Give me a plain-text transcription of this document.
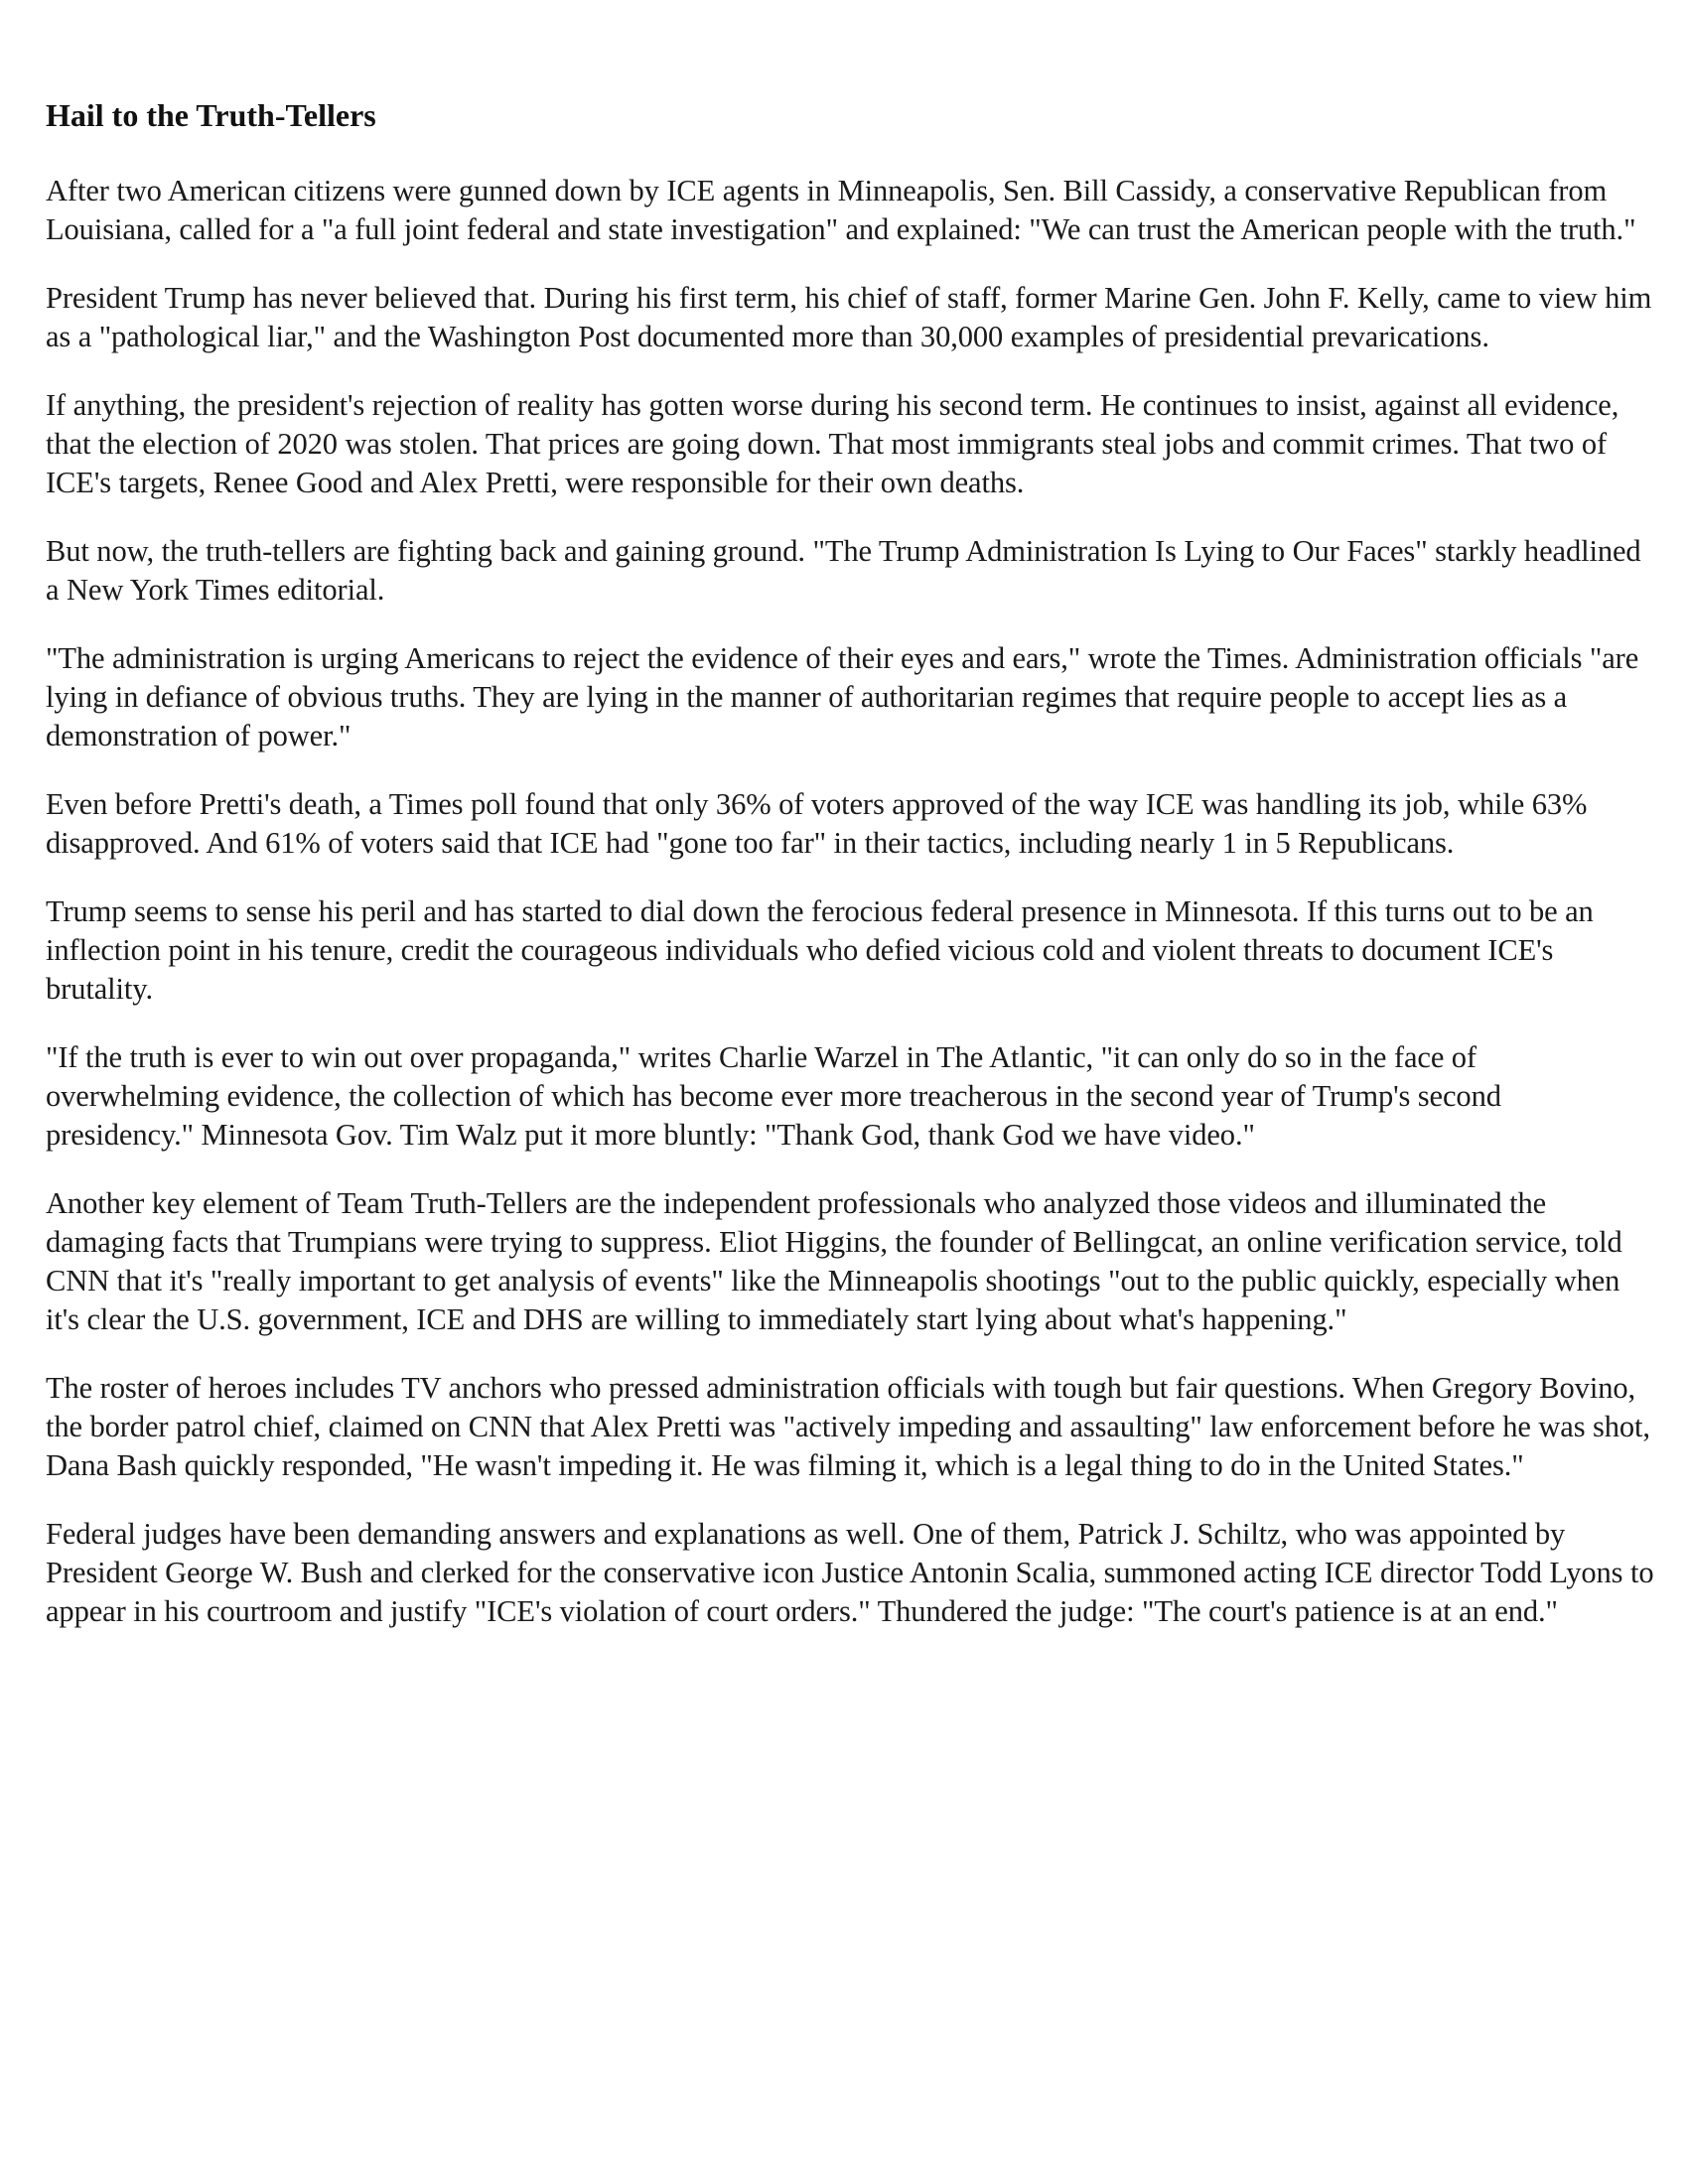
Hail to the Truth-Tellers

After two American citizens were gunned down by ICE agents in Minneapolis, Sen. Bill Cassidy, a conservative Republican from Louisiana, called for a "a full joint federal and state investigation" and explained: "We can trust the American people with the truth."

President Trump has never believed that. During his first term, his chief of staff, former Marine Gen. John F. Kelly, came to view him as a "pathological liar," and the Washington Post documented more than 30,000 examples of presidential prevarications.

If anything, the president's rejection of reality has gotten worse during his second term. He continues to insist, against all evidence, that the election of 2020 was stolen. That prices are going down. That most immigrants steal jobs and commit crimes. That two of ICE's targets, Renee Good and Alex Pretti, were responsible for their own deaths.

But now, the truth-tellers are fighting back and gaining ground. "The Trump Administration Is Lying to Our Faces" starkly headlined a New York Times editorial.

"The administration is urging Americans to reject the evidence of their eyes and ears," wrote the Times. Administration officials "are lying in defiance of obvious truths. They are lying in the manner of authoritarian regimes that require people to accept lies as a demonstration of power."

Even before Pretti's death, a Times poll found that only 36% of voters approved of the way ICE was handling its job, while 63% disapproved. And 61% of voters said that ICE had "gone too far" in their tactics, including nearly 1 in 5 Republicans.

Trump seems to sense his peril and has started to dial down the ferocious federal presence in Minnesota. If this turns out to be an inflection point in his tenure, credit the courageous individuals who defied vicious cold and violent threats to document ICE's brutality.

"If the truth is ever to win out over propaganda," writes Charlie Warzel in The Atlantic, "it can only do so in the face of overwhelming evidence, the collection of which has become ever more treacherous in the second year of Trump's second presidency." Minnesota Gov. Tim Walz put it more bluntly: "Thank God, thank God we have video."

Another key element of Team Truth-Tellers are the independent professionals who analyzed those videos and illuminated the damaging facts that Trumpians were trying to suppress. Eliot Higgins, the founder of Bellingcat, an online verification service, told CNN that it's "really important to get analysis of events" like the Minneapolis shootings "out to the public quickly, especially when it's clear the U.S. government, ICE and DHS are willing to immediately start lying about what's happening."

The roster of heroes includes TV anchors who pressed administration officials with tough but fair questions. When Gregory Bovino, the border patrol chief, claimed on CNN that Alex Pretti was "actively impeding and assaulting" law enforcement before he was shot, Dana Bash quickly responded, "He wasn't impeding it. He was filming it, which is a legal thing to do in the United States."

Federal judges have been demanding answers and explanations as well. One of them, Patrick J. Schiltz, who was appointed by President George W. Bush and clerked for the conservative icon Justice Antonin Scalia, summoned acting ICE director Todd Lyons to appear in his courtroom and justify "ICE's violation of court orders." Thundered the judge: "The court's patience is at an end."
